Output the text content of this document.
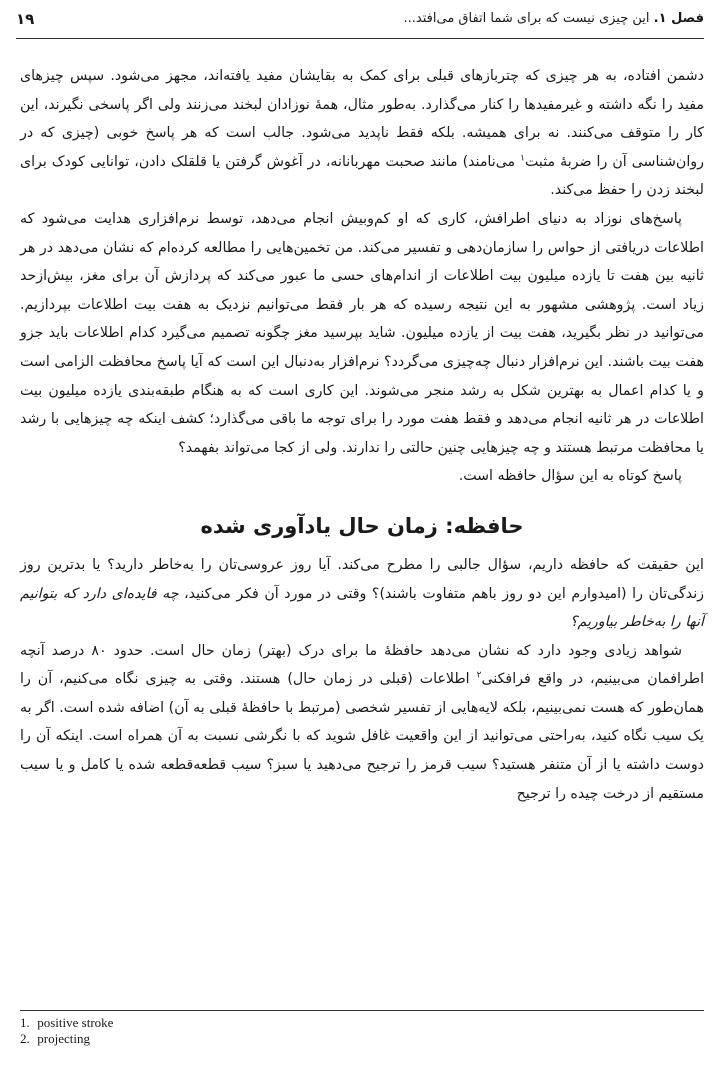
۱۹	فصل ۱. این چیزی نیست که برای شما اتفاق می‌افتد...

دشمن افتاده، به هر چیزی که چتربازهای قبلی برای کمک به بقایشان مفید یافته‌اند، مجهز می‌شود. سپس چیزهای مفید را نگه داشته و غیرمفیدها را کنار می‌گذارد. به‌طور مثال، همهٔ نوزادان لبخند می‌زنند ولی اگر پاسخی نگیرند، این کار را متوقف می‌کنند. نه برای همیشه. بلکه فقط ناپدید می‌شود. جالب است که هر پاسخ خوبی (چیزی که در روان‌شناسی آن را ضربهٔ مثبت$^۱$ می‌نامند) مانند صحبت مهربانانه، در آغوش گرفتن یا قلقلک دادن، توانایی کودک برای لبخند زدن را حفظ می‌کند.

پاسخ‌های نوزاد به دنیای اطرافش، کاری که او کم‌وبیش انجام می‌دهد، توسط نرم‌افزاری هدایت می‌شود که اطلاعات دریافتی از حواس را سازمان‌دهی و تفسیر می‌کند. من تخمین‌هایی را مطالعه کرده‌ام که نشان می‌دهد در هر ثانیه بین هفت تا یازده میلیون بیت اطلاعات از اندام‌های حسی ما عبور می‌کند که پردازش آن برای مغز، بیش‌ازحد زیاد است. پژوهشی مشهور به این نتیجه رسیده که هر بار فقط می‌توانیم نزدیک به هفت بیت اطلاعات بپردازیم. می‌توانید در نظر بگیرید، هفت بیت از یازده میلیون. شاید بپرسید مغز چگونه تصمیم می‌گیرد کدام اطلاعات باید جزو هفت بیت باشند. این نرم‌افزار دنبال چه‌چیزی می‌گردد؟ نرم‌افزار به‌دنبال این است که آیا پاسخ محافظت الزامی است و یا کدام اعمال به بهترین شکل به رشد منجر می‌شوند. این کاری است که به هنگام طبقه‌بندی یازده میلیون بیت اطلاعات در هر ثانیه انجام می‌دهد و فقط هفت مورد را برای توجه ما باقی می‌گذارد؛ کشف اینکه چه چیزهایی با رشد یا محافظت مرتبط هستند و چه چیزهایی چنین حالتی را ندارند. ولی از کجا می‌تواند بفهمد؟

پاسخ کوتاه به این سؤال حافظه است.

حافظه: زمان حال یادآوری شده

این حقیقت که حافظه داریم، سؤال جالبی را مطرح می‌کند. آیا روز عروسی‌تان را به‌خاطر دارید؟ یا بدترین روز زندگی‌تان را (امیدوارم این دو روز باهم متفاوت باشند)؟ وقتی در مورد آن فکر می‌کنید، چه فایده‌ای دارد که بتوانیم آنها را به‌خاطر بیاوریم؟

شواهد زیادی وجود دارد که نشان می‌دهد حافظهٔ ما برای درک (بهتر) زمان حال است. حدود ۸۰ درصد آنچه اطرافمان می‌بینیم، در واقع فرافکنی$^۲$ اطلاعات (قبلی در زمان حال) هستند. وقتی به چیزی نگاه می‌کنیم، آن را همان‌طور که هست نمی‌بینیم، بلکه لایه‌هایی از تفسیر شخصی (مرتبط با حافظهٔ قبلی به آن) اضافه شده است. اگر به یک سیب نگاه کنید، به‌راحتی می‌توانید از این واقعیت غافل شوید که با نگرشی نسبت به آن همراه است. اینکه آن را دوست داشته یا از آن متنفر هستید؟ سیب قرمز را ترجیح می‌دهید یا سبز؟ سیب قطعه‌قطعه شده یا کامل و یا سیب مستقیم از درخت چیده را ترجیح

1. positive stroke
2. projecting
